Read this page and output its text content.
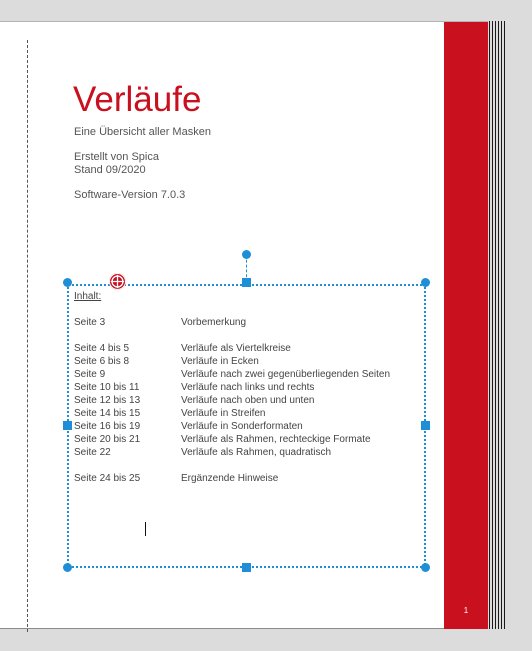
Verläufe
Eine Übersicht aller Masken
Erstellt von Spica
Stand 09/2020
Software-Version 7.0.3
1
Inhalt:
Seite 3	Vorbemerkung
Seite 4 bis 5	Verläufe als Viertelkreise
Seite 6 bis 8	Verläufe in Ecken
Seite 9	Verläufe nach zwei gegenüberliegenden Seiten
Seite 10 bis 11	Verläufe nach links und rechts
Seite 12 bis 13	Verläufe nach oben und unten
Seite 14 bis 15	Verläufe in Streifen
Seite 16 bis 19	Verläufe in Sonderformaten
Seite 20 bis 21	Verläufe als Rahmen, rechteckige Formate
Seite 22	Verläufe als Rahmen, quadratisch
Seite 24 bis 25	Ergänzende Hinweise
